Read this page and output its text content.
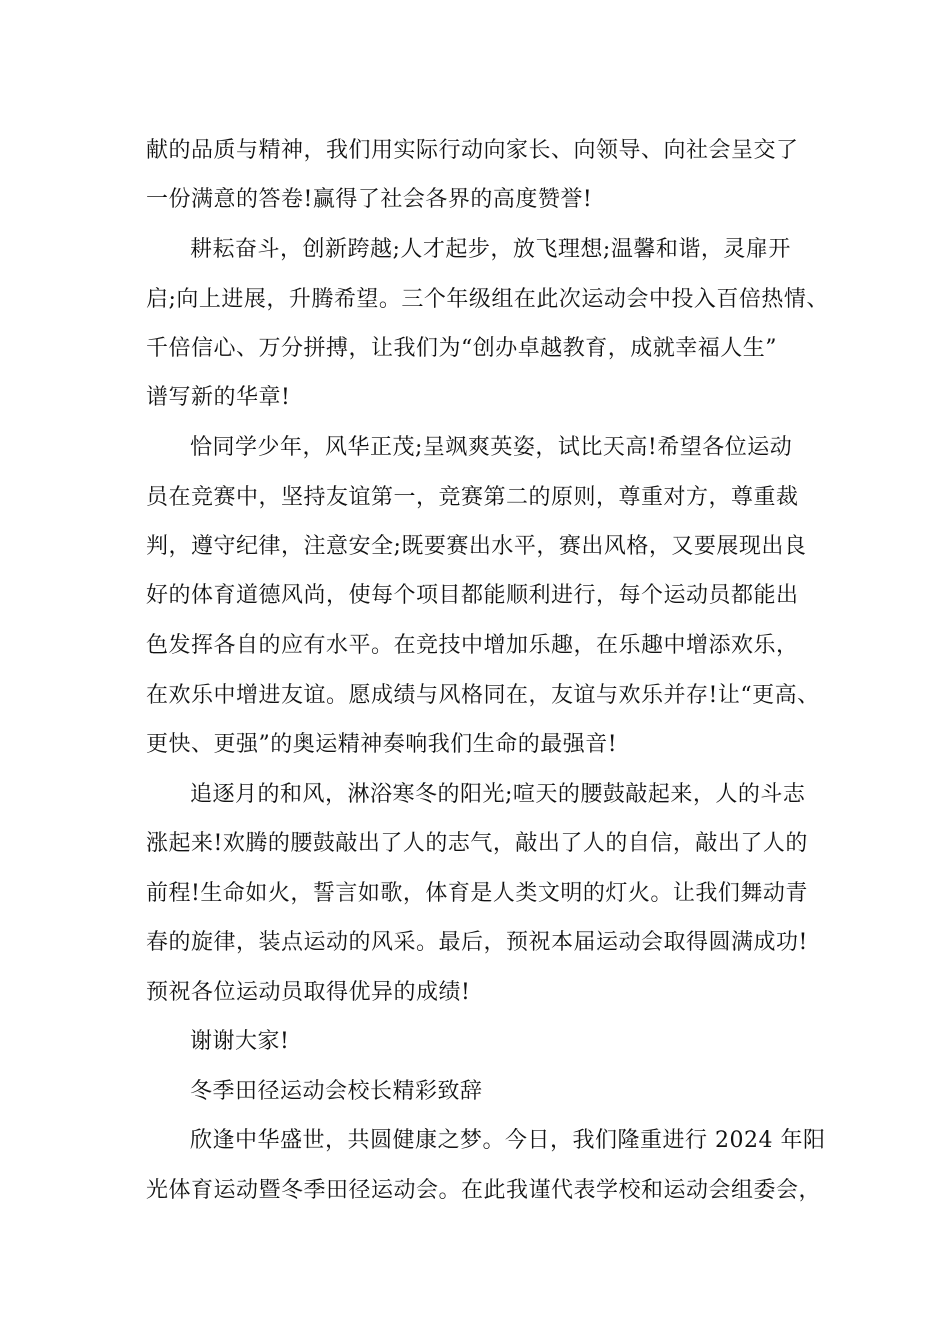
献的品质与精神，我们用实际行动向家长、向领导、向社会呈交了
一份满意的答卷!赢得了社会各界的高度赞誉!
耕耘奋斗，创新跨越;人才起步，放飞理想;温馨和谐，灵扉开
启;向上进展，升腾希望。三个年级组在此次运动会中投入百倍热情、
千倍信心、万分拼搏，让我们为“创办卓越教育，成就幸福人生”
谱写新的华章!
恰同学少年，风华正茂;呈飒爽英姿，试比天高!希望各位运动
员在竞赛中，坚持友谊第一，竞赛第二的原则，尊重对方，尊重裁
判，遵守纪律，注意安全;既要赛出水平，赛出风格，又要展现出良
好的体育道德风尚，使每个项目都能顺利进行，每个运动员都能出
色发挥各自的应有水平。在竞技中增加乐趣，在乐趣中增添欢乐，
在欢乐中增进友谊。愿成绩与风格同在，友谊与欢乐并存!让“更高、
更快、更强”的奥运精神奏响我们生命的最强音!
追逐月的和风，淋浴寒冬的阳光;喧天的腰鼓敲起来，人的斗志
涨起来!欢腾的腰鼓敲出了人的志气，敲出了人的自信，敲出了人的
前程!生命如火，誓言如歌，体育是人类文明的灯火。让我们舞动青
春的旋律，装点运动的风采。最后，预祝本届运动会取得圆满成功!
预祝各位运动员取得优异的成绩!
谢谢大家!
冬季田径运动会校长精彩致辞
欣逢中华盛世，共圆健康之梦。今日，我们隆重进行 2024 年阳
光体育运动暨冬季田径运动会。在此我谨代表学校和运动会组委会，
